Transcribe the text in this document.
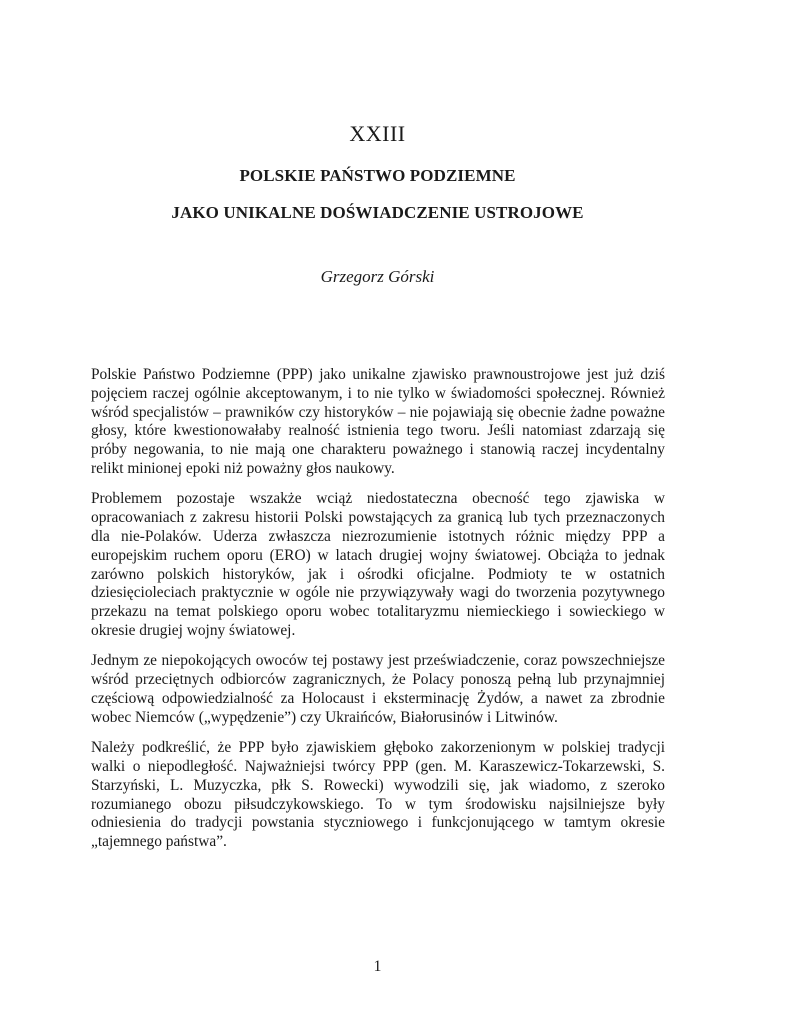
XXIII
POLSKIE PAŃSTWO PODZIEMNE
JAKO UNIKALNE DOŚWIADCZENIE USTROJOWE
Grzegorz Górski

Polskie Państwo Podziemne (PPP) jako unikalne zjawisko prawnoustrojowe jest już dziś pojęciem raczej ogólnie akceptowanym, i to nie tylko w świadomości społecznej. Również wśród specjalistów – prawników czy historyków – nie pojawiają się obecnie żadne poważne głosy, które kwestionowałaby realność istnienia tego tworu. Jeśli natomiast zdarzają się próby negowania, to nie mają one charakteru poważnego i stanowią raczej incydentalny relikt minionej epoki niż poważny głos naukowy.

Problemem pozostaje wszakże wciąż niedostateczna obecność tego zjawiska w opracowaniach z zakresu historii Polski powstających za granicą lub tych przeznaczonych dla nie-Polaków. Uderza zwłaszcza niezrozumienie istotnych różnic między PPP a europejskim ruchem oporu (ERO) w latach drugiej wojny światowej. Obciąża to jednak zarówno polskich historyków, jak i ośrodki oficjalne. Podmioty te w ostatnich dziesięcioleciach praktycznie w ogóle nie przywiązywały wagi do tworzenia pozytywnego przekazu na temat polskiego oporu wobec totalitaryzmu niemieckiego i sowieckiego w okresie drugiej wojny światowej.

Jednym ze niepokojących owoców tej postawy jest przeświadczenie, coraz powszechniejsze wśród przeciętnych odbiorców zagranicznych, że Polacy ponoszą pełną lub przynajmniej częściową odpowiedzialność za Holocaust i eksterminację Żydów, a nawet za zbrodnie wobec Niemców („wypędzenie”) czy Ukraińców, Białorusinów i Litwinów.

Należy podkreślić, że PPP było zjawiskiem głęboko zakorzenionym w polskiej tradycji walki o niepodległość. Najważniejsi twórcy PPP (gen. M. Karaszewicz-Tokarzewski, S. Starzyński, L. Muzyczka, płk S. Rowecki) wywodzili się, jak wiadomo, z szeroko rozumianego obozu piłsudczykowskiego. To w tym środowisku najsilniejsze były odniesienia do tradycji powstania styczniowego i funkcjonującego w tamtym okresie „tajemnego państwa”.

1
